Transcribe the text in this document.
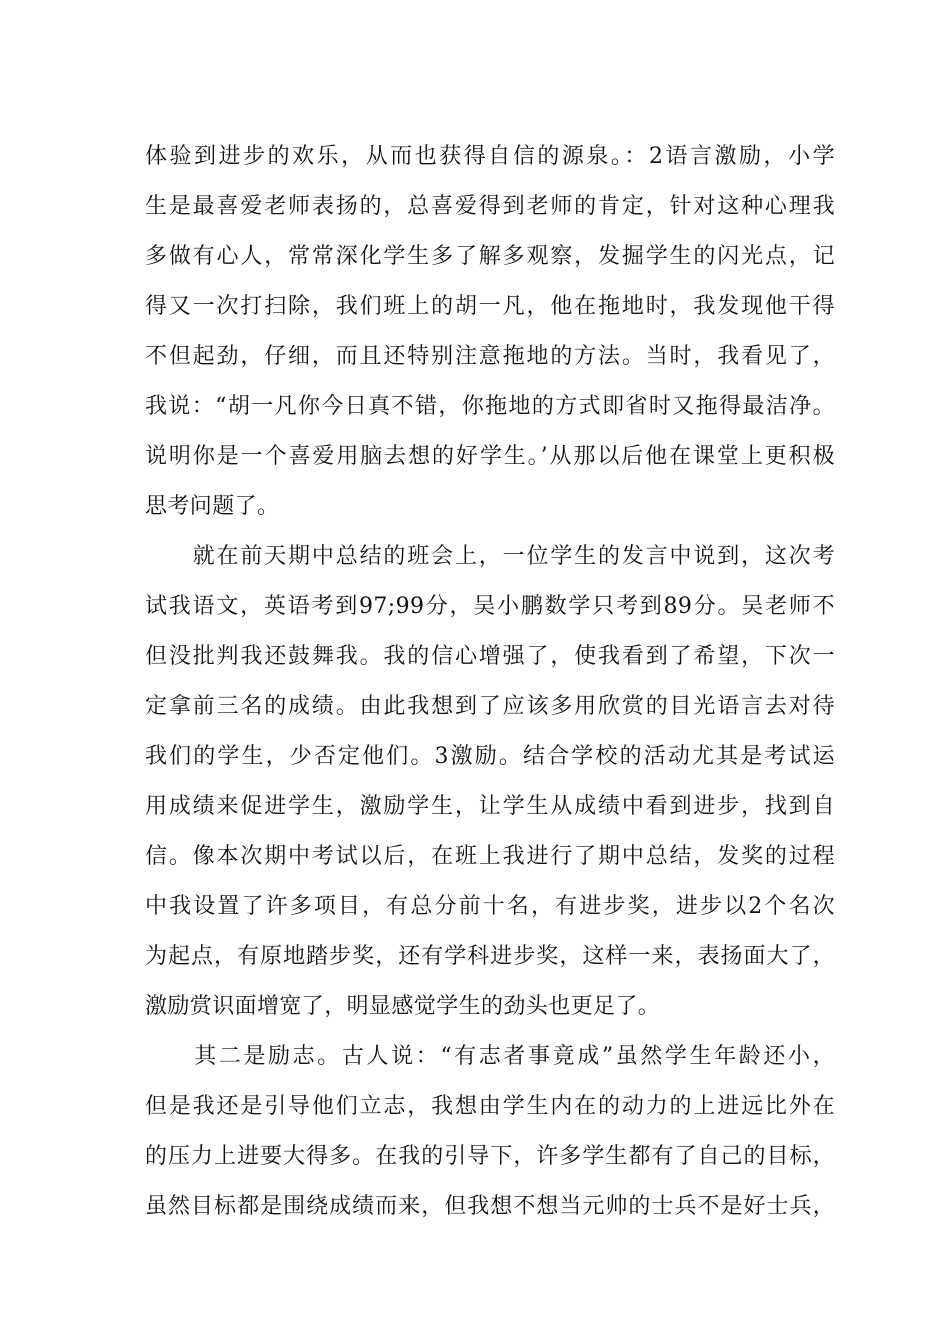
体验到进步的欢乐，从而也获得自信的源泉。：2语言激励，小学
生是最喜爱老师表扬的，总喜爱得到老师的肯定，针对这种心理我
多做有心人，常常深化学生多了解多观察，发掘学生的闪光点，记
得又一次打扫除，我们班上的胡一凡，他在拖地时，我发现他干得
不但起劲，仔细，而且还特别注意拖地的方法。当时，我看见了，
我说：“胡一凡你今日真不错，你拖地的方式即省时又拖得最洁净。
说明你是一个喜爱用脑去想的好学生。’从那以后他在课堂上更积极
思考问题了。
　　就在前天期中总结的班会上，一位学生的发言中说到，这次考
试我语文，英语考到97;99分，吴小鹏数学只考到89分。吴老师不
但没批判我还鼓舞我。我的信心增强了，使我看到了希望，下次一
定拿前三名的成绩。由此我想到了应该多用欣赏的目光语言去对待
我们的学生，少否定他们。3激励。结合学校的活动尤其是考试运
用成绩来促进学生，激励学生，让学生从成绩中看到进步，找到自
信。像本次期中考试以后，在班上我进行了期中总结，发奖的过程
中我设置了许多项目，有总分前十名，有进步奖，进步以2个名次
为起点，有原地踏步奖，还有学科进步奖，这样一来，表扬面大了，
激励赏识面增宽了，明显感觉学生的劲头也更足了。
　　其二是励志。古人说：“有志者事竟成”虽然学生年龄还小，
但是我还是引导他们立志，我想由学生内在的动力的上进远比外在
的压力上进要大得多。在我的引导下，许多学生都有了自己的目标，
虽然目标都是围绕成绩而来，但我想不想当元帅的士兵不是好士兵，
